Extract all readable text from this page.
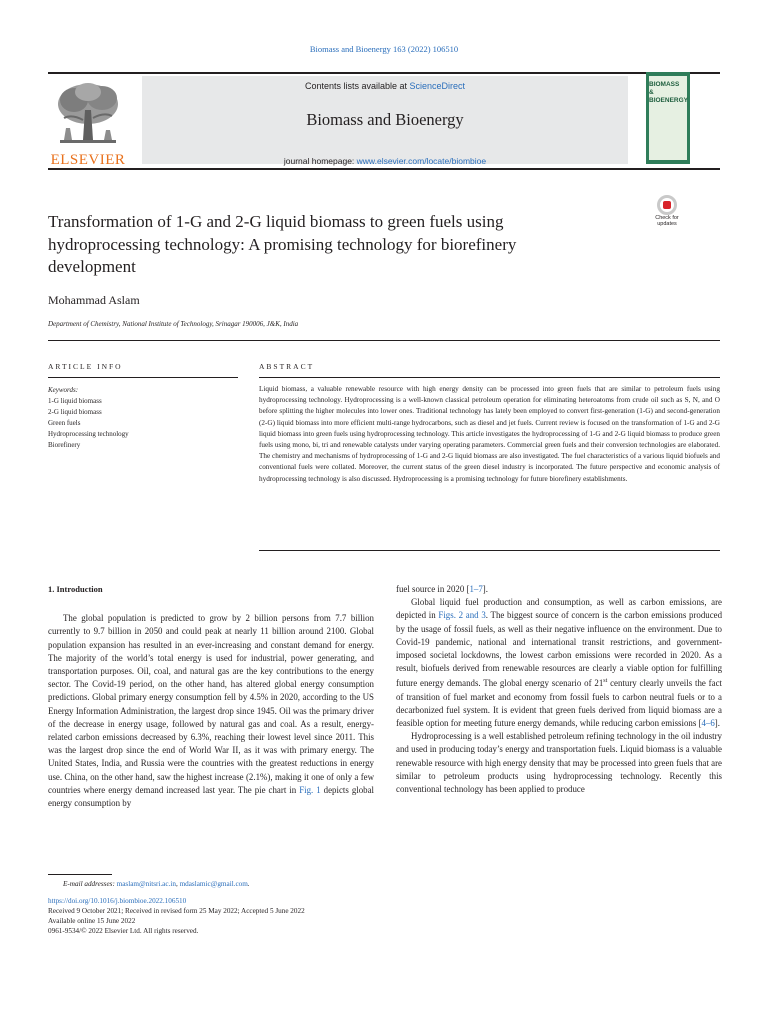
Biomass and Bioenergy 163 (2022) 106510
ELSEVIER
Contents lists available at ScienceDirect
Biomass and Bioenergy
journal homepage: www.elsevier.com/locate/biombioe
BIOMASS &
BIOENERGY
Transformation of 1-G and 2-G liquid biomass to green fuels using hydroprocessing technology: A promising technology for biorefinery development
Check for
updates
Mohammad Aslam
Department of Chemistry, National Institute of Technology, Srinagar 190006, J&K, India
ARTICLE INFO	ABSTRACT
Keywords:
1-G liquid biomass
2-G liquid biomass
Green fuels
Hydroprocessing technology
Biorefinery
Liquid biomass, a valuable renewable resource with high energy density can be processed into green fuels that are similar to petroleum fuels using hydroprocessing technology. Hydroprocessing is a well-known classical petroleum operation for eliminating heteroatoms from crude oil such as S, N, and O before splitting the higher molecules into lower ones. Traditional technology has lately been employed to convert first-generation (1-G) and second-generation (2-G) liquid biomass into more efficient multi-range hydrocarbons, such as diesel and jet fuels. Current review is focused on the transformation of 1-G and 2-G liquid biomass into green fuels using hydroprocessing technology. This article investigates the hydroprocessing of 1-G and 2-G liquid biomass to produce green fuels using mono, bi, tri and renewable catalysts under varying operating parameters. Commercial green fuels and their conversion technologies are elaborated. The chemistry and mechanisms of hydroprocessing of 1-G and 2-G liquid biomass are also investigated. The fuel characteristics of a various liquid biofuels and conventional fuels were collated. Moreover, the current status of the green diesel industry is incorporated. The future perspective and economic analysis of hydroprocessing technology is also discussed. Hydroprocessing is a promising technology for future biorefinery establishments.
1. Introduction

The global population is predicted to grow by 2 billion persons from 7.7 billion currently to 9.7 billion in 2050 and could peak at nearly 11 billion around 2100. Global population expansion has resulted in an ever-increasing and constant demand for energy. The majority of the world’s total energy is used for industrial, power generating, and transportation purposes. Oil, coal, and natural gas are the key contributions to the energy sector. The Covid-19 period, on the other hand, has altered global energy consumption predictions. Global primary energy consumption fell by 4.5% in 2020, according to the US Energy Information Administration, the largest drop since 1945. Oil was the primary driver of the decrease in energy usage, followed by natural gas and coal. As a result, energy-related carbon emissions decreased by 6.3%, reaching their lowest level since 2011. This was the largest drop since the end of World War II, as it was with primary energy. The United States, India, and Russia were the countries with the greatest reductions in energy use. China, on the other hand, saw the highest increase (2.1%), making it one of only a few countries where energy demand increased last year. The pie chart in Fig. 1 depicts global energy consumption by

fuel source in 2020 [1–7].

Global liquid fuel production and consumption, as well as carbon emissions, are depicted in Figs. 2 and 3. The biggest source of concern is the carbon emissions produced by the usage of fossil fuels, as well as their negative influence on the environment. Due to Covid-19 pandemic, national and international transit restrictions, and government-imposed societal lockdowns, the lowest carbon emissions were recorded in 2020. As a result, biofuels derived from renewable resources are clearly a viable option for fulfilling future energy demands. The global energy scenario of 21st century clearly unveils the fact of transition of fuel market and economy from fossil fuels to carbon neutral fuels or to a decarbonized fuel system. It is evident that green fuels derived from liquid biomass are a feasible option for meeting future energy demands, while reducing carbon emissions [4–6].

Hydroprocessing is a well established petroleum refining technology in the oil industry and used in producing today’s energy and transportation fuels. Liquid biomass is a valuable renewable resource with high energy density that may be processed into green fuels that are similar to petroleum products using hydroprocessing technology. Recently this conventional technology has been applied to produce

E-mail addresses: maslam@nitsri.ac.in, mdaslamic@gmail.com.
https://doi.org/10.1016/j.biombioe.2022.106510
Received 9 October 2021; Received in revised form 25 May 2022; Accepted 5 June 2022
Available online 15 June 2022
0961-9534/© 2022 Elsevier Ltd. All rights reserved.
